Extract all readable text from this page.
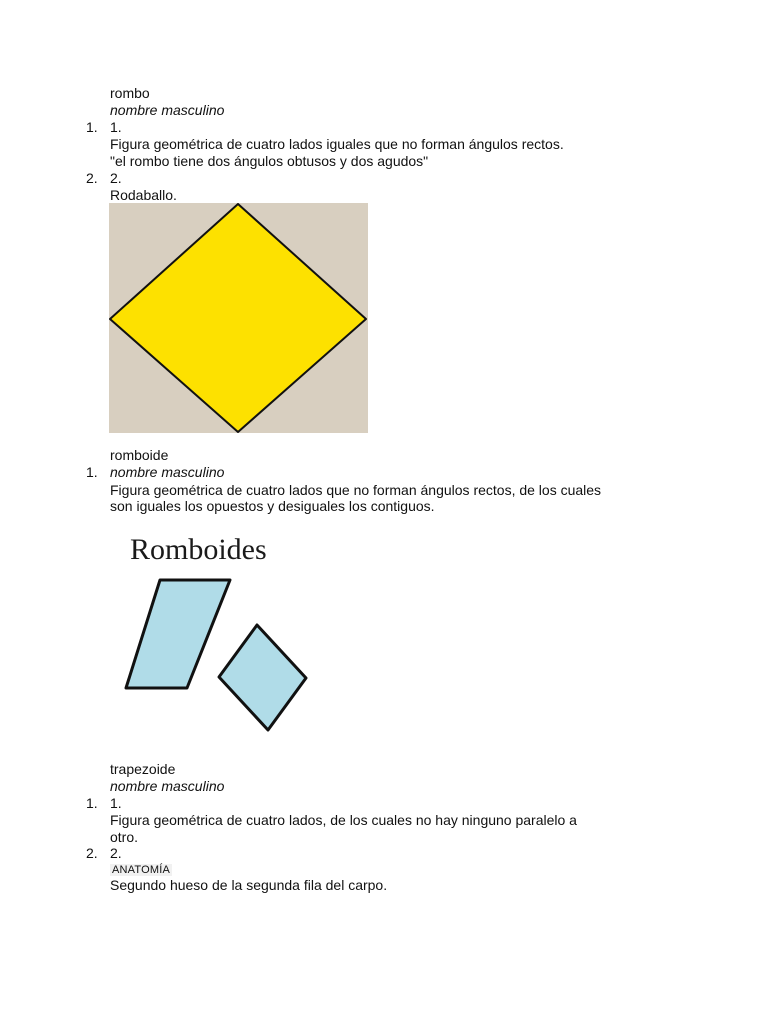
rombo
nombre masculino
1. 1.
Figura geométrica de cuatro lados iguales que no forman ángulos rectos.
"el rombo tiene dos ángulos obtusos y dos agudos"
2. 2.
Rodaballo.
romboide
1. nombre masculino
Figura geométrica de cuatro lados que no forman ángulos rectos, de los cuales
son iguales los opuestos y desiguales los contiguos.
Romboides
trapezoide
nombre masculino
1. 1.
Figura geométrica de cuatro lados, de los cuales no hay ninguno paralelo a
otro.
2. 2.
ANATOMÍA
Segundo hueso de la segunda fila del carpo.
